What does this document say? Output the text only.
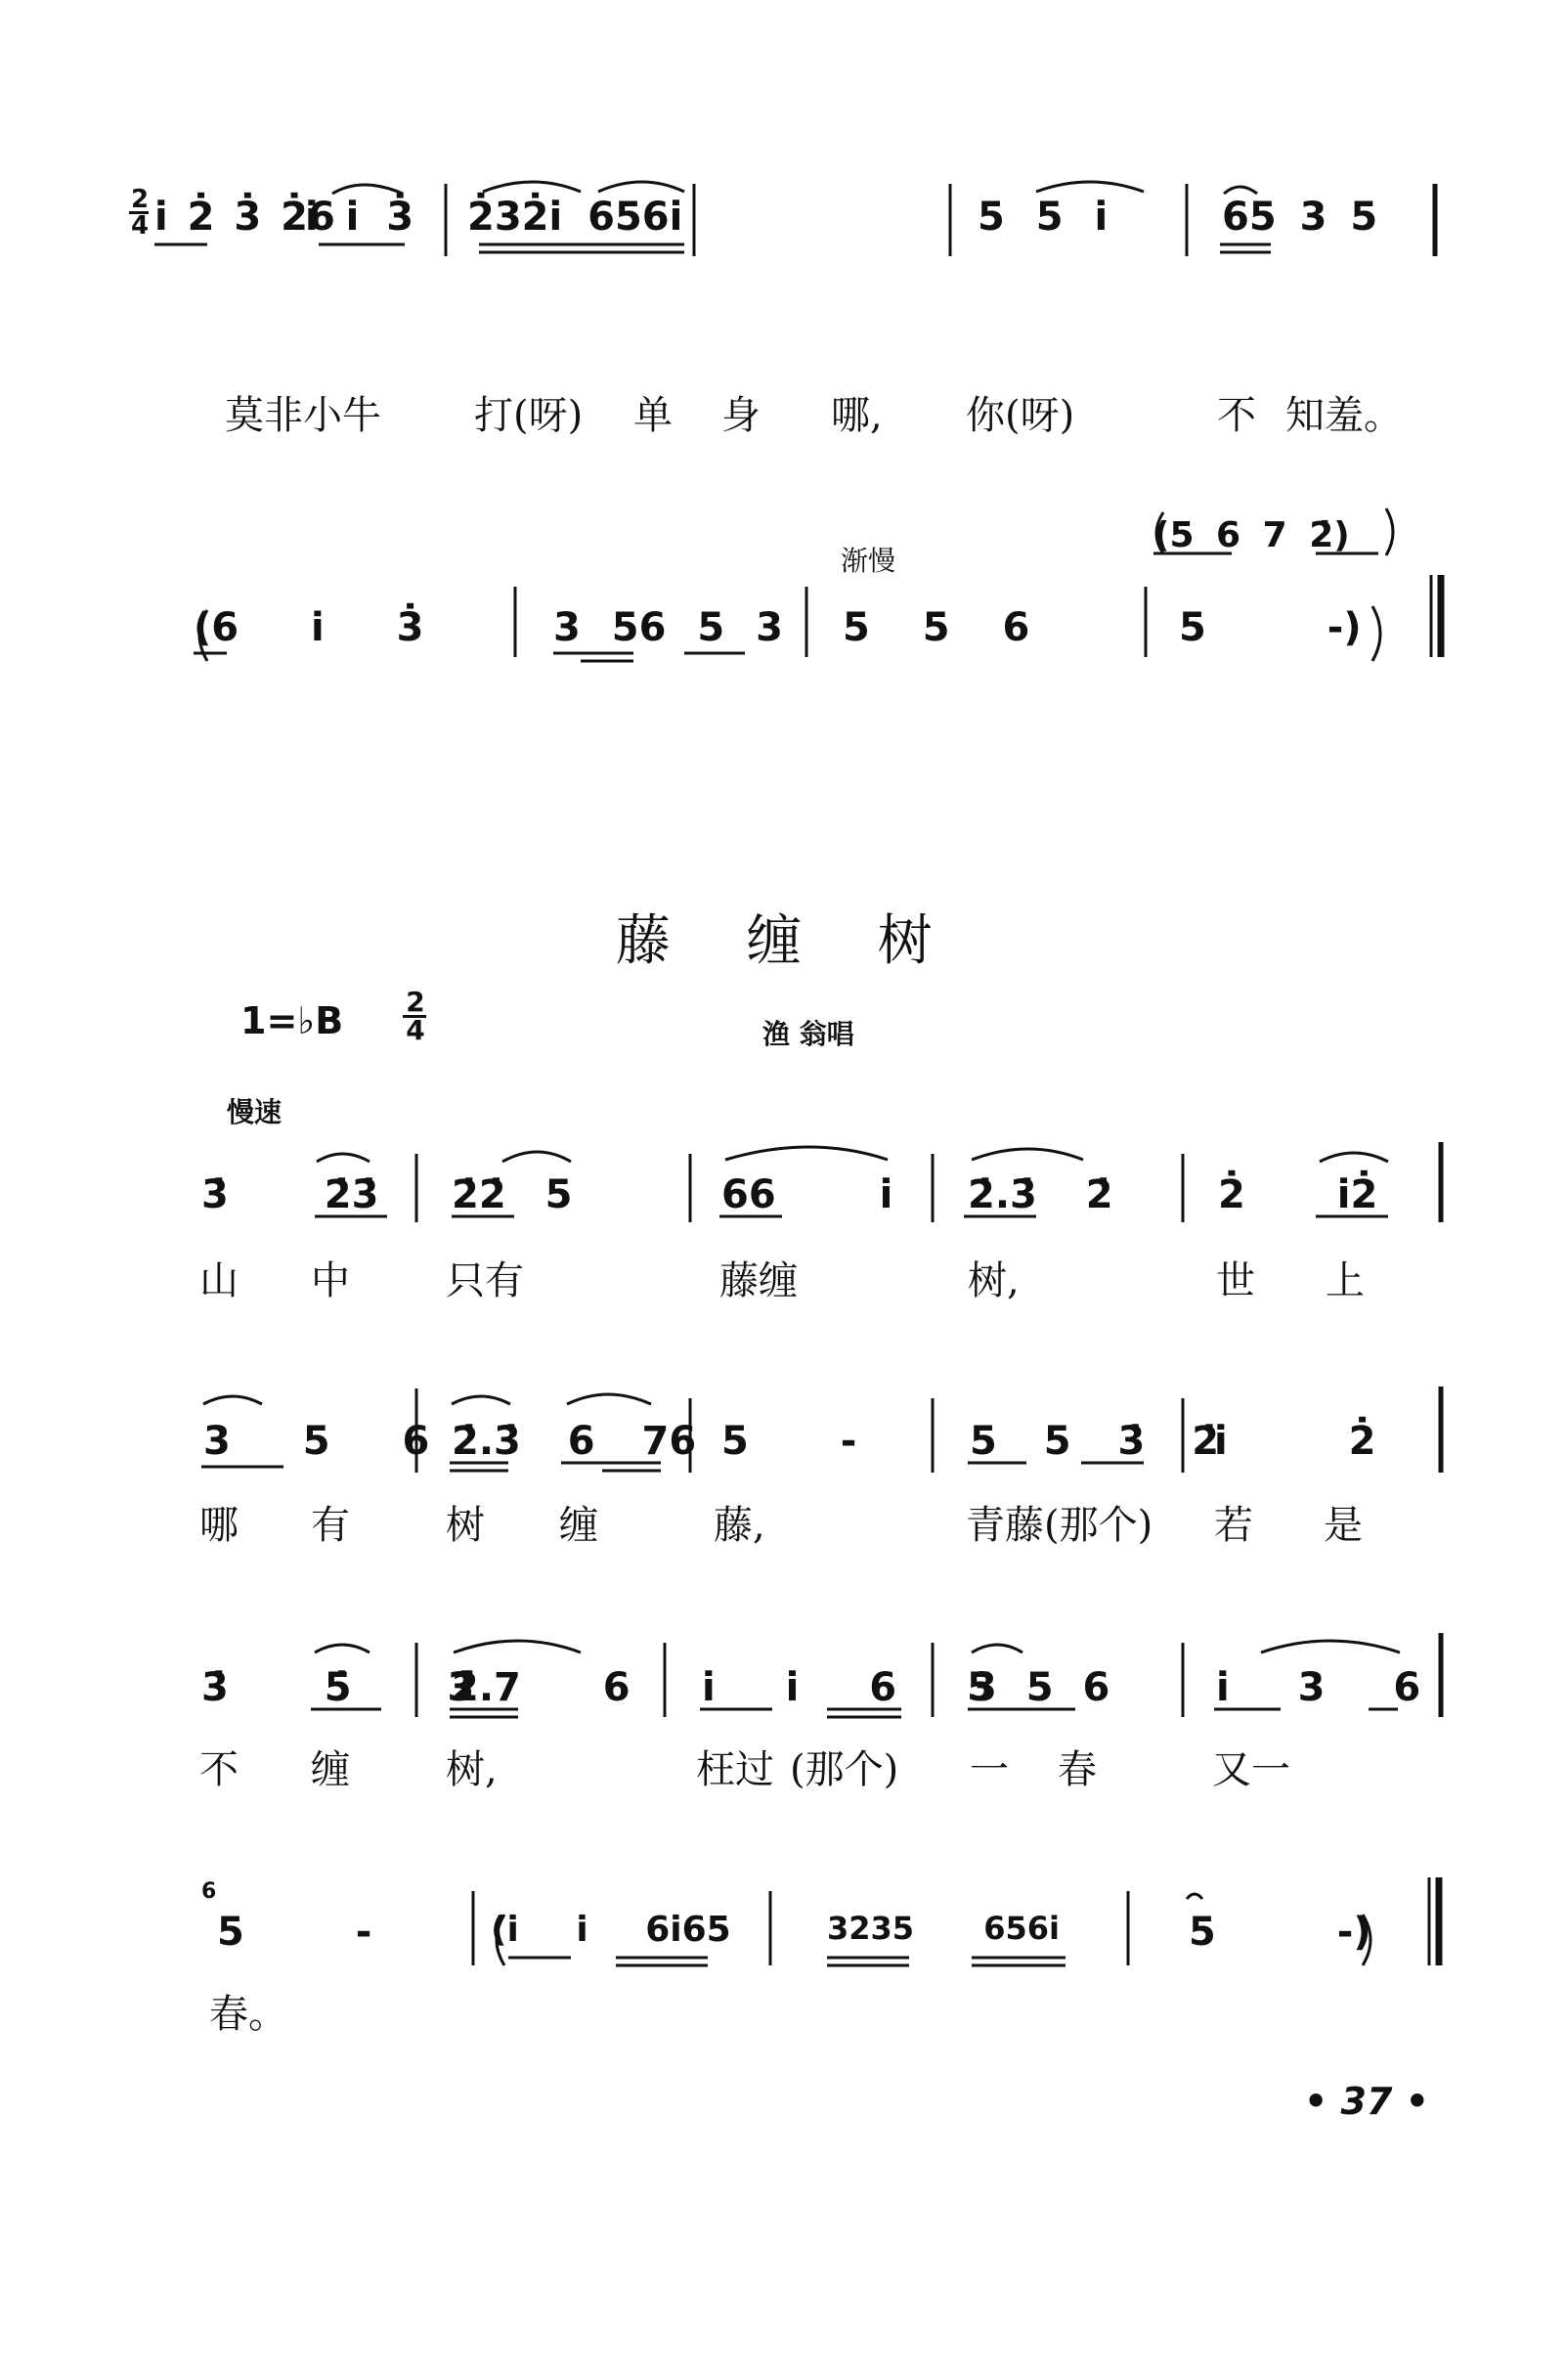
2
4 i̇ 2̇ 3̇ 2̇6
i̇ i̇ 3̇ 2̇32̇i̇ 656i̇	5 5 i̇	65 3 5
莫非小牛 打(呀) 单 身 哪, 你(呀)	不 知羞。
渐慢
(5 6 7 2̇)
(6 i 3̇	3 56 5 3 5 5 6	5 -)
藤 缠 树
1=♭B 2
4	渔 翁唱
慢速
3̇ 2̇3̇ 2̇2̇ 5	66 i̇ 2̇.3̇ 2̇	2̇ i̇2̇
山 中 只有	藤缠	树,	世 上
3 5 6 2̇.3̇ 6 76 5 -	5 5 3̇ 2̇
i̇ 2̇
哪 有 树 缠	藤,	青藤(那个) 若 是
3̇ 5̇ 3̇
2̇.7 6 i̇ i̇ 6 5
3 5 6	i̇ 3 6
不 缠 树,	枉过 (那个) 一 春	又一
6
5 -	(i̇ i̇ 6i̇65	3235 656i̇	5 -)
春。
• 37 •
